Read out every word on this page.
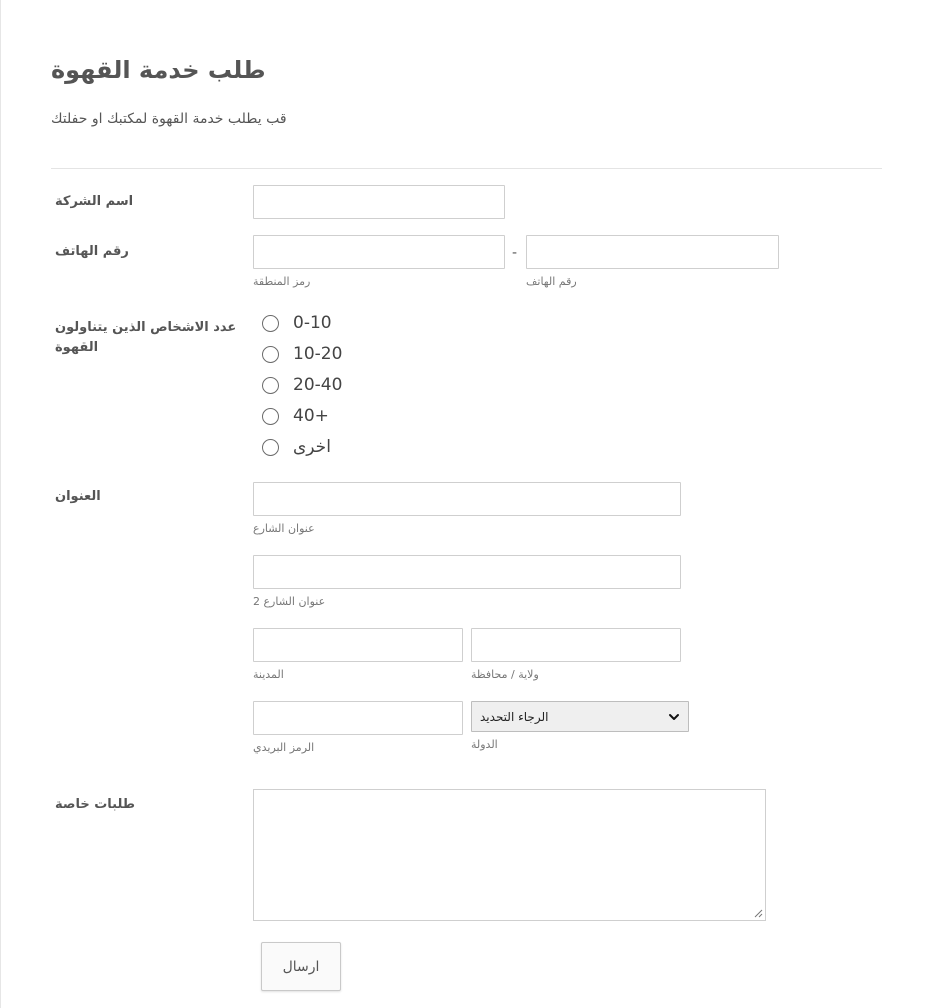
طلب خدمة القهوة
قب يطلب خدمة القهوة لمكتبك او حفلتك
اسم الشركة
رقم الهاتف	-
رمز المنطقة	رقم الهاتف
عدد الاشخاص الذين يتناولون القهوة
0-10
10-20
20-40
40+
اخرى
العنوان
عنوان الشارع
عنوان الشارع 2
المدينة	ولاية / محافظة
الرجاء التحديد
الرمز البريدي	الدولة
طلبات خاصة
ارسال
